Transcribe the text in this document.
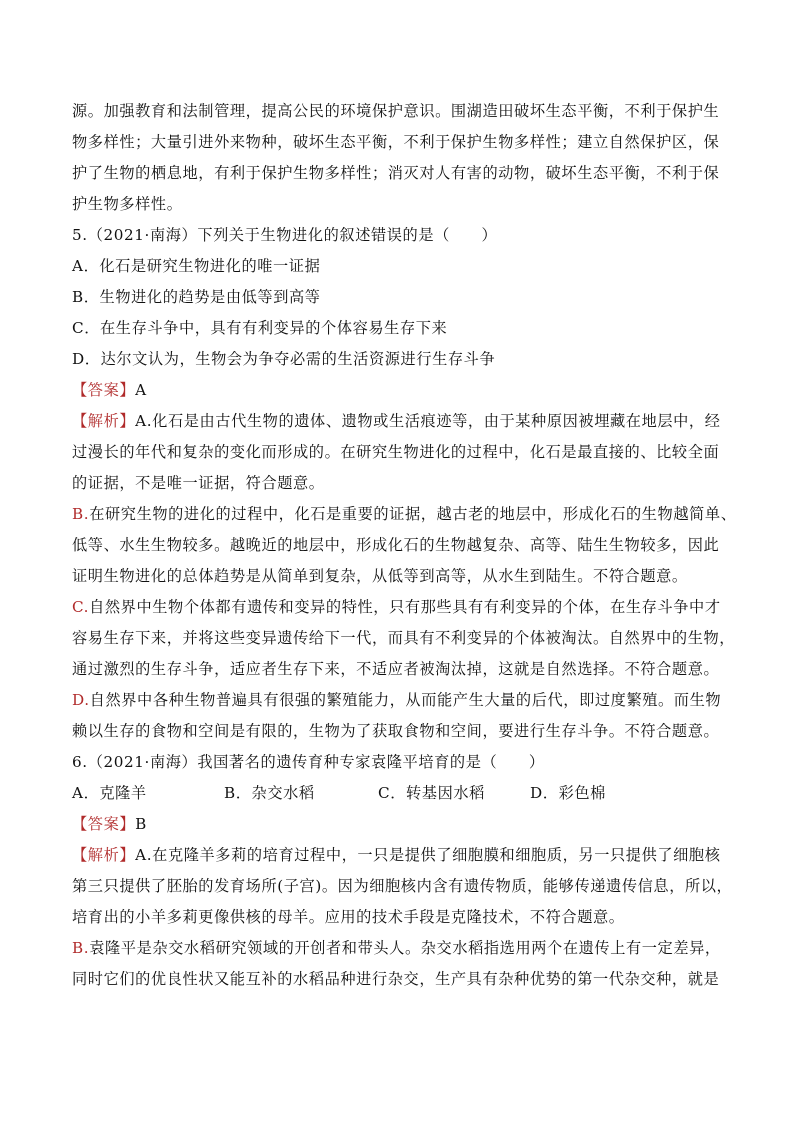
源。加强教育和法制管理，提高公民的环境保护意识。围湖造田破坏生态平衡，不利于保护生
物多样性；大量引进外来物种，破坏生态平衡，不利于保护生物多样性；建立自然保护区，保
护了生物的栖息地，有利于保护生物多样性；消灭对人有害的动物，破坏生态平衡，不利于保
护生物多样性。
5.（2021·南海）下列关于生物进化的叙述错误的是（　　）
A．化石是研究生物进化的唯一证据
B．生物进化的趋势是由低等到高等
C．在生存斗争中，具有有利变异的个体容易生存下来
D．达尔文认为，生物会为争夺必需的生活资源进行生存斗争
【答案】A
【解析】A.化石是由古代生物的遗体、遗物或生活痕迹等，由于某种原因被埋藏在地层中，经
过漫长的年代和复杂的变化而形成的。在研究生物进化的过程中，化石是最直接的、比较全面
的证据，不是唯一证据，符合题意。
B.在研究生物的进化的过程中，化石是重要的证据，越古老的地层中，形成化石的生物越简单、
低等、水生生物较多。越晚近的地层中，形成化石的生物越复杂、高等、陆生生物较多，因此
证明生物进化的总体趋势是从简单到复杂，从低等到高等，从水生到陆生。不符合题意。
C.自然界中生物个体都有遗传和变异的特性，只有那些具有有利变异的个体，在生存斗争中才
容易生存下来，并将这些变异遗传给下一代，而具有不利变异的个体被淘汰。自然界中的生物，
通过激烈的生存斗争，适应者生存下来，不适应者被淘汰掉，这就是自然选择。不符合题意。
D.自然界中各种生物普遍具有很强的繁殖能力，从而能产生大量的后代，即过度繁殖。而生物
赖以生存的食物和空间是有限的，生物为了获取食物和空间，要进行生存斗争。不符合题意。
6.（2021·南海）我国著名的遗传育种专家袁隆平培育的是（　　）
A．克隆羊	B．杂交水稻	C．转基因水稻	D．彩色棉
【答案】B
【解析】A.在克隆羊多莉的培育过程中，一只是提供了细胞膜和细胞质，另一只提供了细胞核
第三只提供了胚胎的发育场所(子宫)。因为细胞核内含有遗传物质，能够传递遗传信息，所以，
培育出的小羊多莉更像供核的母羊。应用的技术手段是克隆技术，不符合题意。
B.袁隆平是杂交水稻研究领域的开创者和带头人。杂交水稻指选用两个在遗传上有一定差异，
同时它们的优良性状又能互补的水稻品种进行杂交，生产具有杂种优势的第一代杂交种，就是
